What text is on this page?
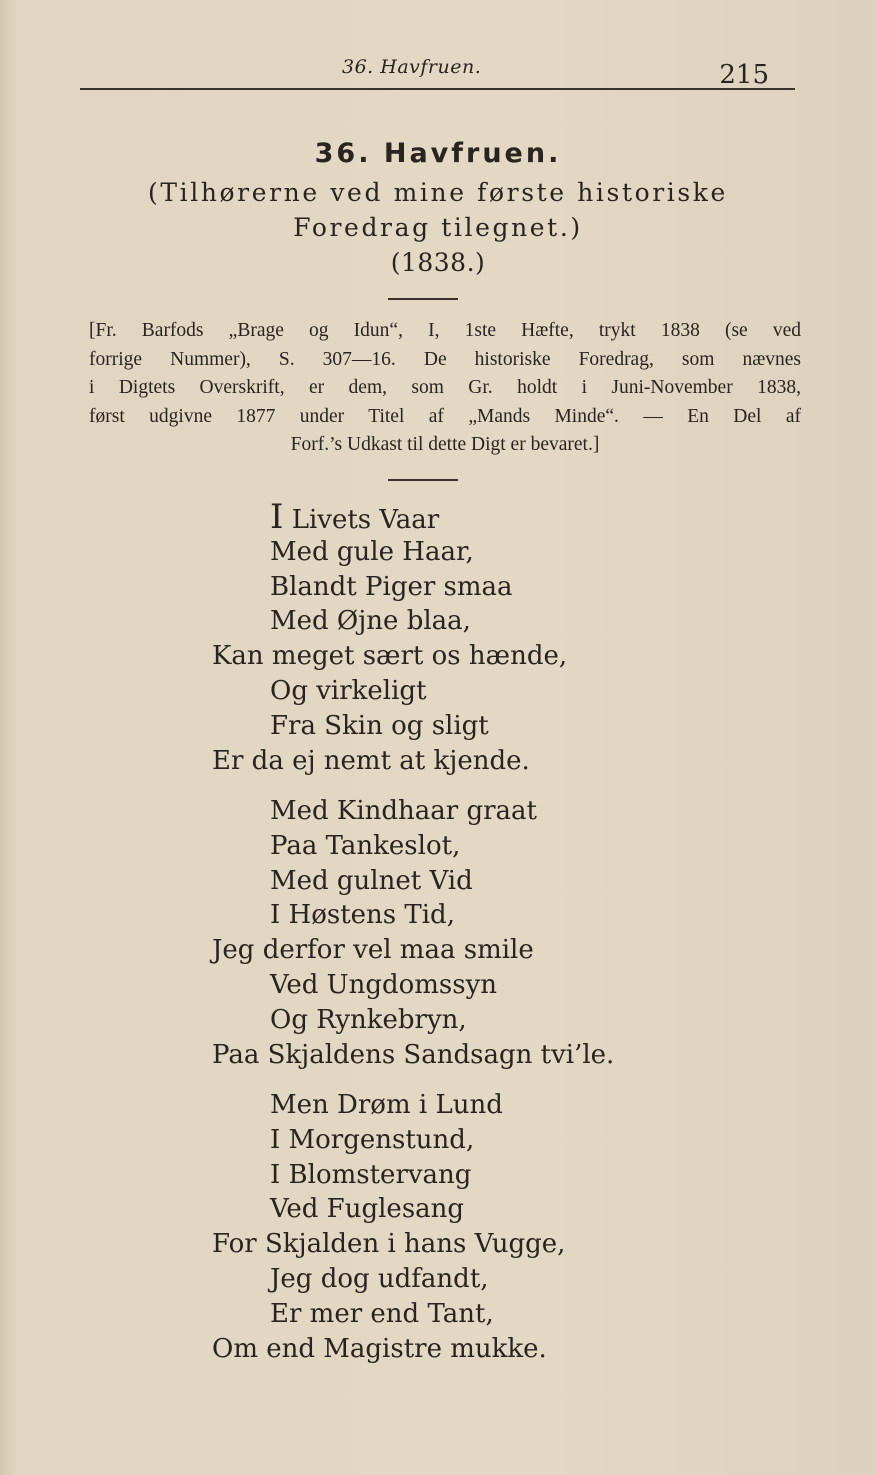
36. Havfruen.	215
36. Havfruen.
(Tilhørerne ved mine første historiske
Foredrag tilegnet.)
(1838.)
[Fr. Barfods „Brage og Idun“, I, 1ste Hæfte, trykt 1838 (se ved
forrige Nummer), S. 307—16. De historiske Foredrag, som nævnes
i Digtets Overskrift, er dem, som Gr. holdt i Juni-November 1838,
først udgivne 1877 under Titel af „Mands Minde“. — En Del af
Forf.’s Udkast til dette Digt er bevaret.]
I Livets Vaar
Med gule Haar,
Blandt Piger smaa
Med Øjne blaa,
Kan meget sært os hænde,
Og virkeligt
Fra Skin og sligt
Er da ej nemt at kjende.
Med Kindhaar graat
Paa Tankeslot,
Med gulnet Vid
I Høstens Tid,
Jeg derfor vel maa smile
Ved Ungdomssyn
Og Rynkebryn,
Paa Skjaldens Sandsagn tvi’le.
Men Drøm i Lund
I Morgenstund,
I Blomstervang
Ved Fuglesang
For Skjalden i hans Vugge,
Jeg dog udfandt,
Er mer end Tant,
Om end Magistre mukke.
